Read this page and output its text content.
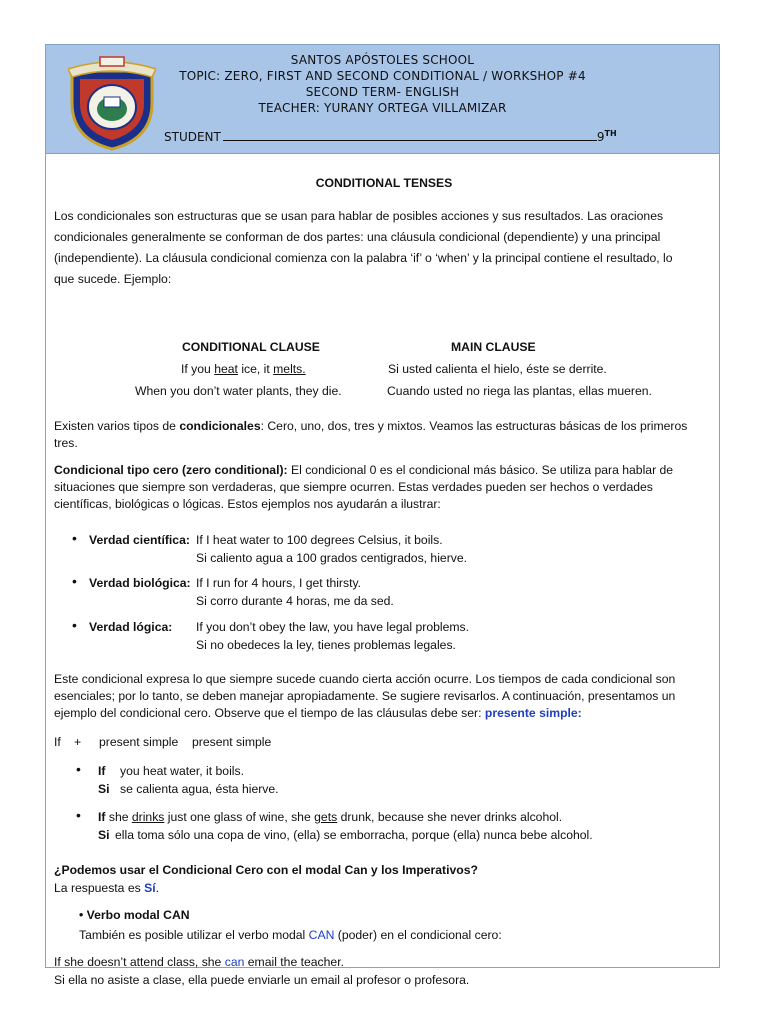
SANTOS APÓSTOLES SCHOOL
TOPIC: ZERO, FIRST AND SECOND CONDITIONAL / WORKSHOP #4
SECOND TERM- ENGLISH
TEACHER: YURANY ORTEGA VILLAMIZAR
STUDENT	9TH
CONDITIONAL TENSES
Los condicionales son estructuras que se usan para hablar de posibles acciones y sus resultados. Las oraciones
condicionales generalmente se conforman de dos partes: una cláusula condicional (dependiente) y una principal
(independiente). La cláusula condicional comienza con la palabra ‘if’ o ‘when’ y la principal contiene el resultado, lo
que sucede. Ejemplo:
CONDITIONAL CLAUSE	MAIN CLAUSE
If you heat ice, it melts.	Si usted calienta el hielo, éste se derrite.
When you don’t water plants, they die.	Cuando usted no riega las plantas, ellas mueren.
Existen varios tipos de condicionales: Cero, uno, dos, tres y mixtos. Veamos las estructuras básicas de los primeros
tres.
Condicional tipo cero (zero conditional): El condicional 0 es el condicional más básico. Se utiliza para hablar de
situaciones que siempre son verdaderas, que siempre ocurren. Estas verdades pueden ser hechos o verdades
científicas, biológicas o lógicas. Estos ejemplos nos ayudarán a ilustrar:
• Verdad científica: If I heat water to 100 degrees Celsius, it boils.
Si caliento agua a 100 grados centigrados, hierve.
• Verdad biológica: If I run for 4 hours, I get thirsty.
Si corro durante 4 horas, me da sed.
• Verdad lógica: If you don’t obey the law, you have legal problems.
Si no obedeces la ley, tienes problemas legales.
Este condicional expresa lo que siempre sucede cuando cierta acción ocurre. Los tiempos de cada condicional son
esenciales; por lo tanto, se deben manejar apropiadamente. Se sugiere revisarlos. A continuación, presentamos un
ejemplo del condicional cero. Observe que el tiempo de las cláusulas debe ser: presente simple:
If + present simple present simple
• If you heat water, it boils.
Si se calienta agua, ésta hierve.
• If she drinks just one glass of wine, she gets drunk, because she never drinks alcohol.
Si ella toma sólo una copa de vino, (ella) se emborracha, porque (ella) nunca bebe alcohol.
¿Podemos usar el Condicional Cero con el modal Can y los Imperativos?
La respuesta es Sí.
• Verbo modal CAN
También es posible utilizar el verbo modal CAN (poder) en el condicional cero:
If she doesn’t attend class, she can email the teacher.
Si ella no asiste a clase, ella puede enviarle un email al profesor o profesora.
